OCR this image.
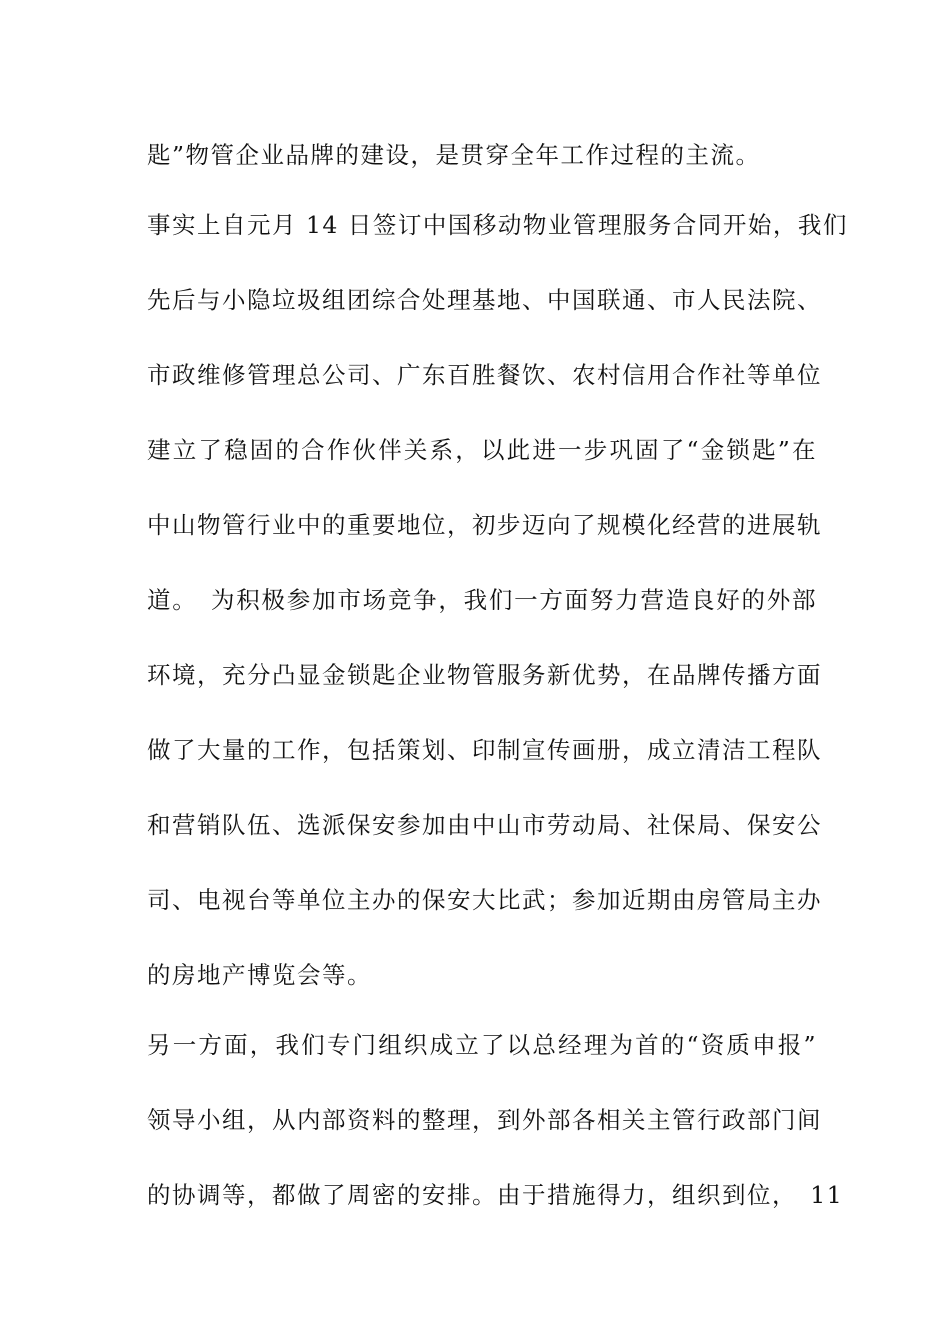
匙”物管企业品牌的建设，是贯穿全年工作过程的主流。
事实上自元月 14 日签订中国移动物业管理服务合同开始，我们
先后与小隐垃圾组团综合处理基地、中国联通、市人民法院、
市政维修管理总公司、广东百胜餐饮、农村信用合作社等单位
建立了稳固的合作伙伴关系，以此进一步巩固了“金锁匙”在
中山物管行业中的重要地位，初步迈向了规模化经营的进展轨
道。　为积极参加市场竞争，我们一方面努力营造良好的外部
环境，充分凸显金锁匙企业物管服务新优势，在品牌传播方面
做了大量的工作，包括策划、印制宣传画册，成立清洁工程队
和营销队伍、选派保安参加由中山市劳动局、社保局、保安公
司、电视台等单位主办的保安大比武；参加近期由房管局主办
的房地产博览会等。
另一方面，我们专门组织成立了以总经理为首的“资质申报”
领导小组，从内部资料的整理，到外部各相关主管行政部门间
的协调等，都做了周密的安排。由于措施得力，组织到位，　11
